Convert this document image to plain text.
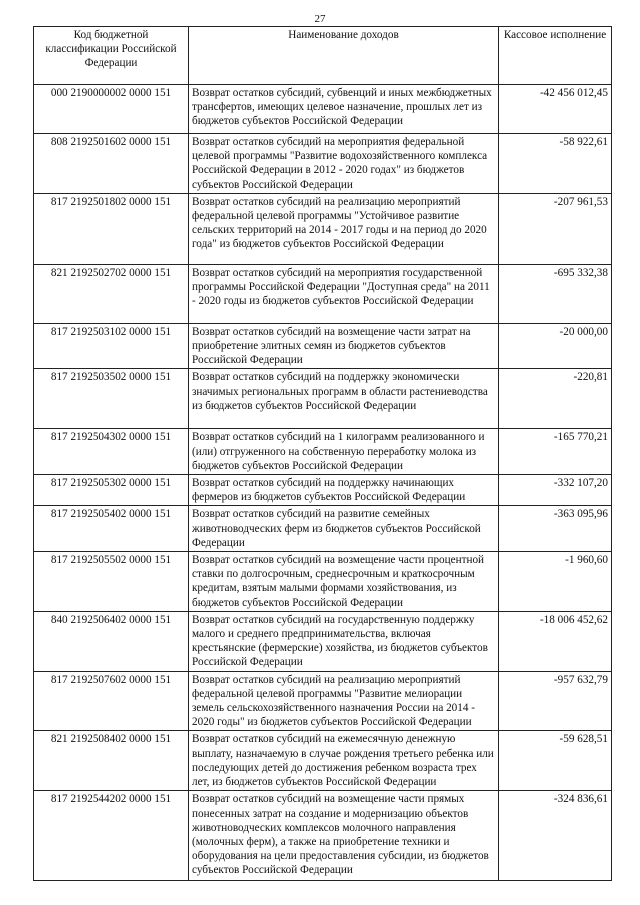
27
Код бюджетной классификации Российской Федерации	Наименование доходов	Кассовое исполнение
000 2190000002 0000 151	Возврат остатков субсидий, субвенций и иных межбюджетных трансфертов, имеющих целевое назначение, прошлых лет из бюджетов субъектов Российской Федерации	-42 456 012,45
808 2192501602 0000 151	Возврат остатков субсидий на мероприятия федеральной целевой программы "Развитие водохозяйственного комплекса Российской Федерации в 2012 - 2020 годах" из бюджетов субъектов Российской Федерации	-58 922,61
817 2192501802 0000 151	Возврат остатков субсидий на реализацию мероприятий федеральной целевой программы "Устойчивое развитие сельских территорий на 2014 - 2017 годы и на период до 2020 года" из бюджетов субъектов Российской Федерации	-207 961,53
821 2192502702 0000 151	Возврат остатков субсидий на мероприятия государственной программы Российской Федерации "Доступная среда" на 2011 - 2020 годы из бюджетов субъектов Российской Федерации	-695 332,38
817 2192503102 0000 151	Возврат остатков субсидий на возмещение части затрат на приобретение элитных семян из бюджетов субъектов Российской Федерации	-20 000,00
817 2192503502 0000 151	Возврат остатков субсидий на поддержку экономически значимых региональных программ в области растениеводства из бюджетов субъектов Российской Федерации	-220,81
817 2192504302 0000 151	Возврат остатков субсидий на 1 килограмм реализованного и (или) отгруженного на собственную переработку молока из бюджетов субъектов Российской Федерации	-165 770,21
817 2192505302 0000 151	Возврат остатков субсидий на поддержку начинающих фермеров из бюджетов субъектов Российской Федерации	-332 107,20
817 2192505402 0000 151	Возврат остатков субсидий на развитие семейных животноводческих ферм из бюджетов субъектов Российской Федерации	-363 095,96
817 2192505502 0000 151	Возврат остатков субсидий на возмещение части процентной ставки по долгосрочным, среднесрочным и краткосрочным кредитам, взятым малыми формами хозяйствования, из бюджетов субъектов Российской Федерации	-1 960,60
840 2192506402 0000 151	Возврат остатков субсидий на государственную поддержку малого и среднего предпринимательства, включая крестьянские (фермерские) хозяйства, из бюджетов субъектов Российской Федерации	-18 006 452,62
817 2192507602 0000 151	Возврат остатков субсидий на реализацию мероприятий федеральной целевой программы "Развитие мелиорации земель сельскохозяйственного назначения России на 2014 - 2020 годы" из бюджетов субъектов Российской Федерации	-957 632,79
821 2192508402 0000 151	Возврат остатков субсидий на ежемесячную денежную выплату, назначаемую в случае рождения третьего ребенка или последующих детей до достижения ребенком возраста трех лет, из бюджетов субъектов Российской Федерации	-59 628,51
817 2192544202 0000 151	Возврат остатков субсидий на возмещение части прямых понесенных затрат на создание и модернизацию объектов животноводческих комплексов молочного направления (молочных ферм), а также на приобретение техники и оборудования на цели предоставления субсидии, из бюджетов субъектов Российской Федерации	-324 836,61
